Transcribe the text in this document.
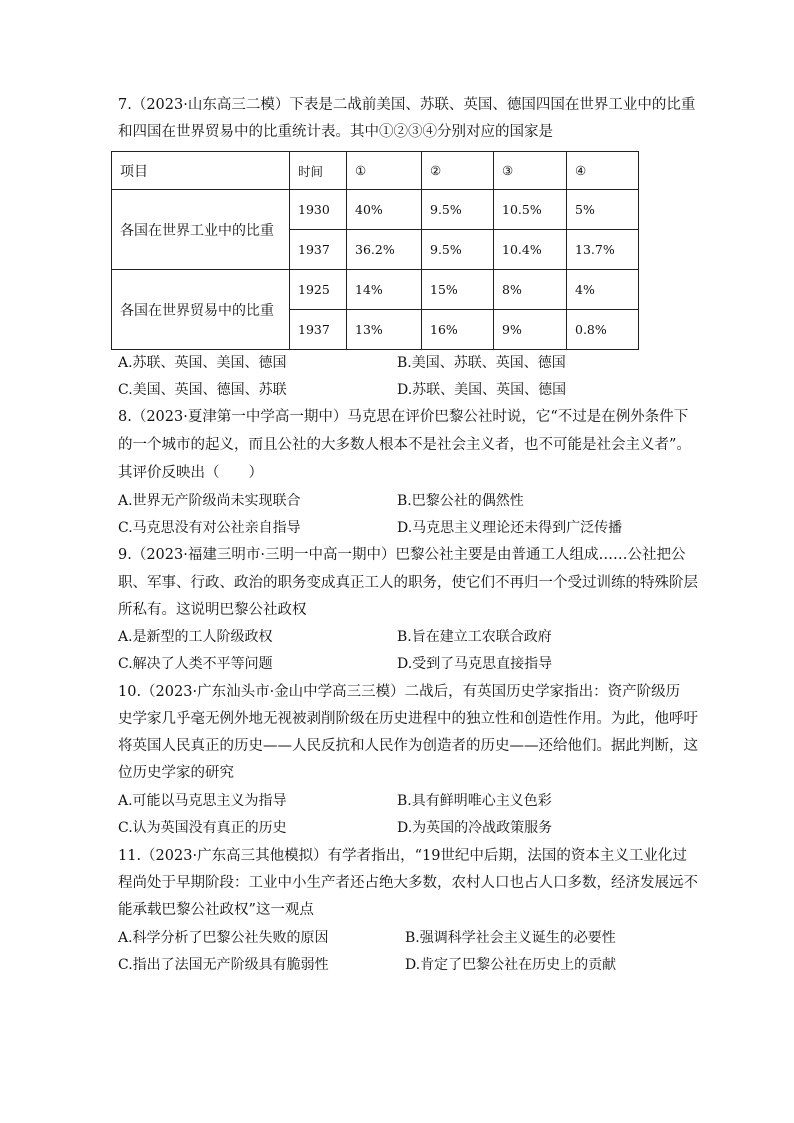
7.（2023·山东高三二模）下表是二战前美国、苏联、英国、德国四国在世界工业中的比重
和四国在世界贸易中的比重统计表。其中①②③④分别对应的国家是
项目	时间	①	②	③	④
各国在世界工业中的比重	1930	40%	9.5%	10.5%	5%
	1937	36.2%	9.5%	10.4%	13.7%
各国在世界贸易中的比重	1925	14%	15%	8%	4%
	1937	13%	16%	9%	0.8%
A.苏联、英国、美国、德国	B.美国、苏联、英国、德国
C.美国、英国、德国、苏联	D.苏联、美国、英国、德国
8.（2023·夏津第一中学高一期中）马克思在评价巴黎公社时说，它“不过是在例外条件下
的一个城市的起义，而且公社的大多数人根本不是社会主义者，也不可能是社会主义者”。
其评价反映出（　　）
A.世界无产阶级尚未实现联合	B.巴黎公社的偶然性
C.马克思没有对公社亲自指导	D.马克思主义理论还未得到广泛传播
9.（2023·福建三明市·三明一中高一期中）巴黎公社主要是由普通工人组成……公社把公
职、军事、行政、政治的职务变成真正工人的职务，使它们不再归一个受过训练的特殊阶层
所私有。这说明巴黎公社政权
A.是新型的工人阶级政权	B.旨在建立工农联合政府
C.解决了人类不平等问题	D.受到了马克思直接指导
10.（2023·广东汕头市·金山中学高三三模）二战后，有英国历史学家指出：资产阶级历
史学家几乎毫无例外地无视被剥削阶级在历史进程中的独立性和创造性作用。为此，他呼吁
将英国人民真正的历史——人民反抗和人民作为创造者的历史——还给他们。据此判断，这
位历史学家的研究
A.可能以马克思主义为指导	B.具有鲜明唯心主义色彩
C.认为英国没有真正的历史	D.为英国的冷战政策服务
11.（2023·广东高三其他模拟）有学者指出，“19世纪中后期，法国的资本主义工业化过
程尚处于早期阶段：工业中小生产者还占绝大多数，农村人口也占人口多数，经济发展远不
能承载巴黎公社政权”这一观点
A.科学分析了巴黎公社失败的原因	B.强调科学社会主义诞生的必要性
C.指出了法国无产阶级具有脆弱性	D.肯定了巴黎公社在历史上的贡献
